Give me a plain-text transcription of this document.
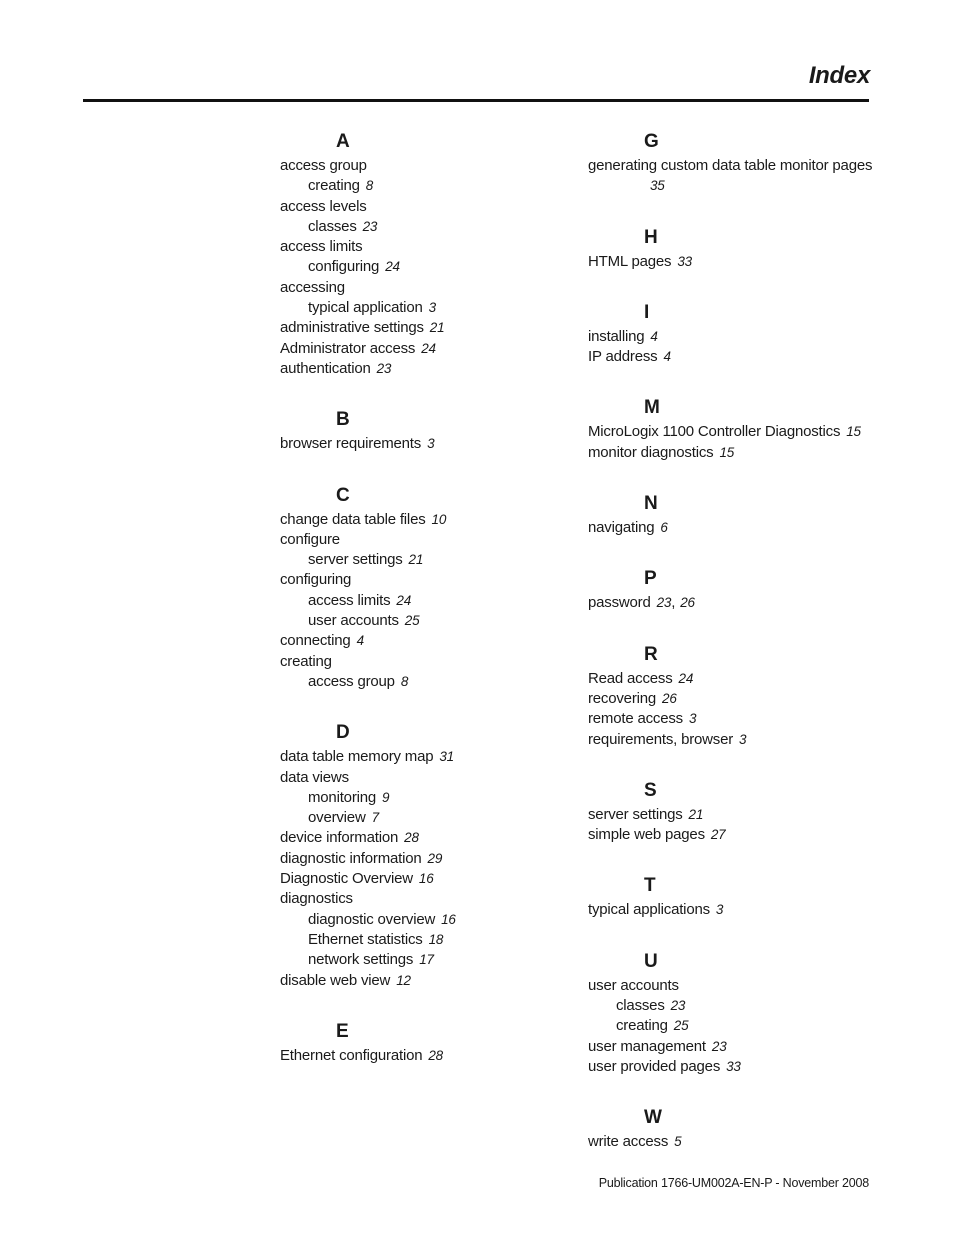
Index
A
access group
creating 8
access levels
classes 23
access limits
configuring 24
accessing
typical application 3
administrative settings 21
Administrator access 24
authentication 23
B
browser requirements 3
C
change data table files 10
configure
server settings 21
configuring
access limits 24
user accounts 25
connecting 4
creating
access group 8
D
data table memory map 31
data views
monitoring 9
overview 7
device information 28
diagnostic information 29
Diagnostic Overview 16
diagnostics
diagnostic overview 16
Ethernet statistics 18
network settings 17
disable web view 12
E
Ethernet configuration 28
G
generating custom data table monitor pages
35
H
HTML pages 33
I
installing 4
IP address 4
M
MicroLogix 1100 Controller Diagnostics 15
monitor diagnostics 15
N
navigating 6
P
password 23, 26
R
Read access 24
recovering 26
remote access 3
requirements, browser 3
S
server settings 21
simple web pages 27
T
typical applications 3
U
user accounts
classes 23
creating 25
user management 23
user provided pages 33
W
write access 5
Publication 1766-UM002A-EN-P - November 2008
